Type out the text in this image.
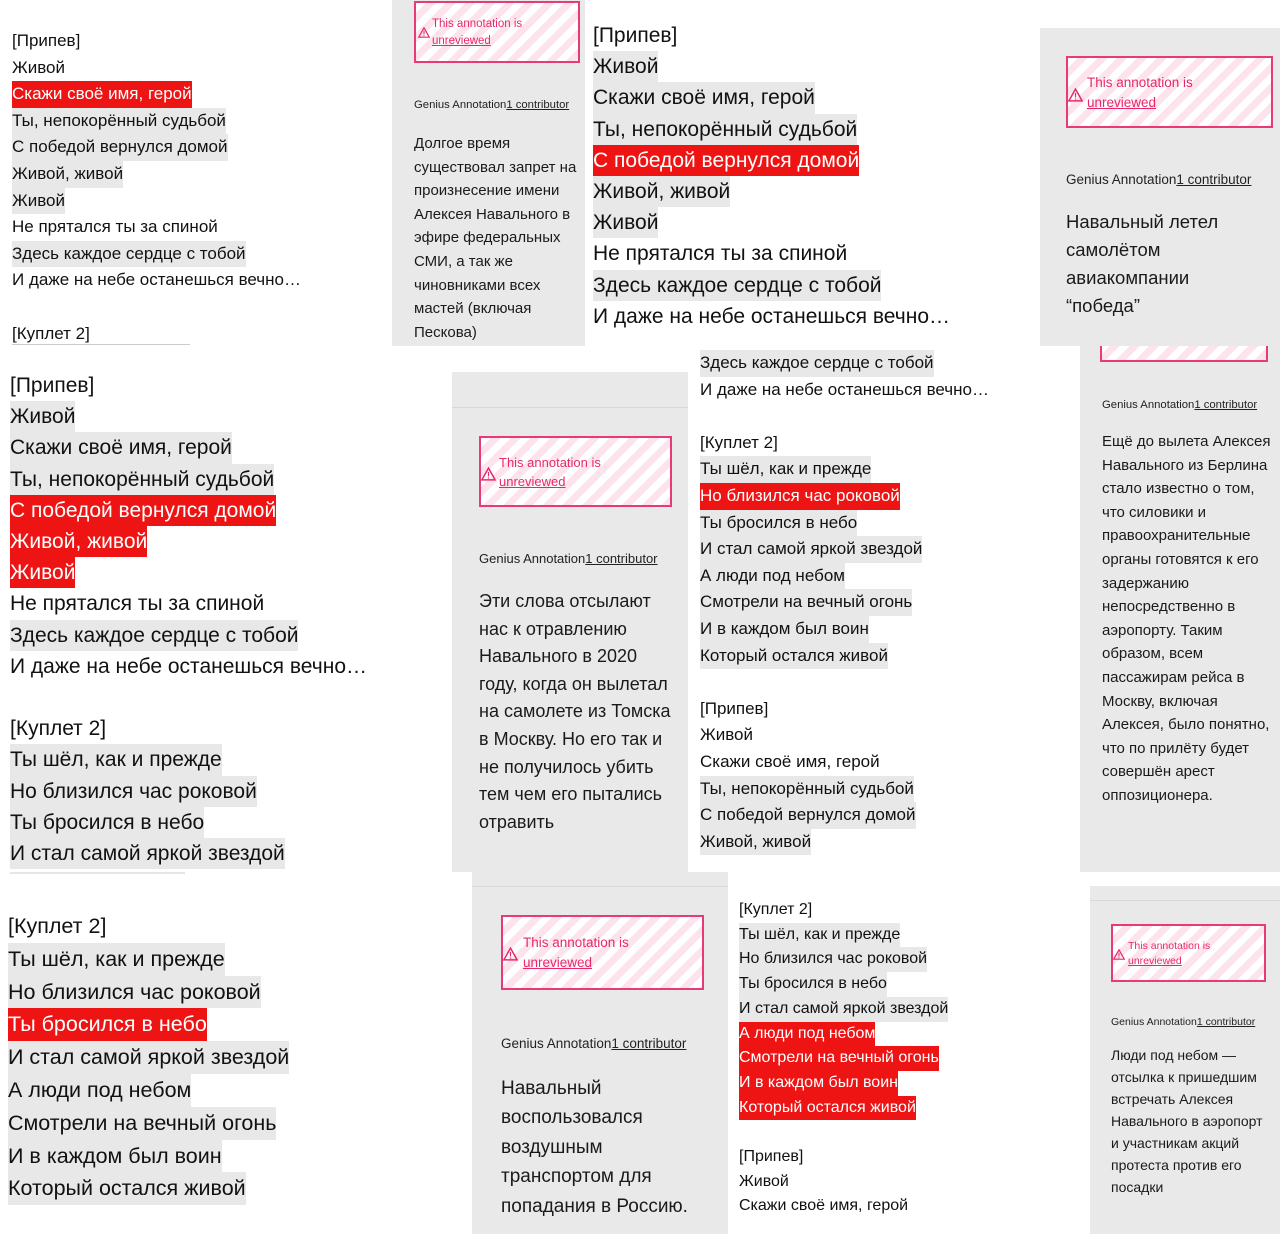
[Припев]
Живой
Скажи своё имя, герой
Ты, непокорённый судьбой
С победой вернулся домой
Живой, живой
Живой
Не прятался ты за спиной
Здесь каждое сердце с тобой
И даже на небе останешься вечно…
[Куплет 2]
This annotation is
unreviewed
Genius Annotation1 contributor
Долгое время существовал запрет на произнесение имени Алексея Навального в эфире федеральных СМИ, а так же чиновниками всех мастей (включая Пескова)
[Припев]
Живой
Скажи своё имя, герой
Ты, непокорённый судьбой
С победой вернулся домой
Живой, живой
Живой
Не прятался ты за спиной
Здесь каждое сердце с тобой
И даже на небе останешься вечно…
This annotation is
unreviewed
Genius Annotation1 contributor
Навальный летел самолётом авиакомпании “победа”
[Припев]
Живой
Скажи своё имя, герой
Ты, непокорённый судьбой
С победой вернулся домой
Живой, живой
Живой
Не прятался ты за спиной
Здесь каждое сердце с тобой
И даже на небе останешься вечно…
[Куплет 2]
Ты шёл, как и прежде
Но близился час роковой
Ты бросился в небо
И стал самой яркой звездой
This annotation is
unreviewed
Genius Annotation1 contributor
Эти слова отсылают нас к отравлению Навального в 2020 году, когда он вылетал на самолете из Томска в Москву. Но его так и не получилось убить тем чем его пытались отравить
Здесь каждое сердце с тобой
И даже на небе останешься вечно…
[Куплет 2]
Ты шёл, как и прежде
Но близился час роковой
Ты бросился в небо
И стал самой яркой звездой
А люди под небом
Смотрели на вечный огонь
И в каждом был воин
Который остался живой
[Припев]
Живой
Скажи своё имя, герой
Ты, непокорённый судьбой
С победой вернулся домой
Живой, живой
Genius Annotation1 contributor
Ещё до вылета Алексея Навального из Берлина стало известно о том, что силовики и правоохранительные органы готовятся к его задержанию непосредственно в аэропорту. Таким образом, всем пассажирам рейса в Москву, включая Алексея, было понятно, что по прилёту будет совершён арест оппозиционера.
[Куплет 2]
Ты шёл, как и прежде
Но близился час роковой
Ты бросился в небо
И стал самой яркой звездой
А люди под небом
Смотрели на вечный огонь
И в каждом был воин
Который остался живой
This annotation is
unreviewed
Genius Annotation1 contributor
Навальный воспользовался воздушным транспортом для попадания в Россию.
[Куплет 2]
Ты шёл, как и прежде
Но близился час роковой
Ты бросился в небо
И стал самой яркой звездой
А люди под небом
Смотрели на вечный огонь
И в каждом был воин
Который остался живой
[Припев]
Живой
Скажи своё имя, герой
This annotation is
unreviewed
Genius Annotation1 contributor
Люди под небом — отсылка к пришедшим встречать Алексея Навального в аэропорт и участникам акций протеста против его посадки
